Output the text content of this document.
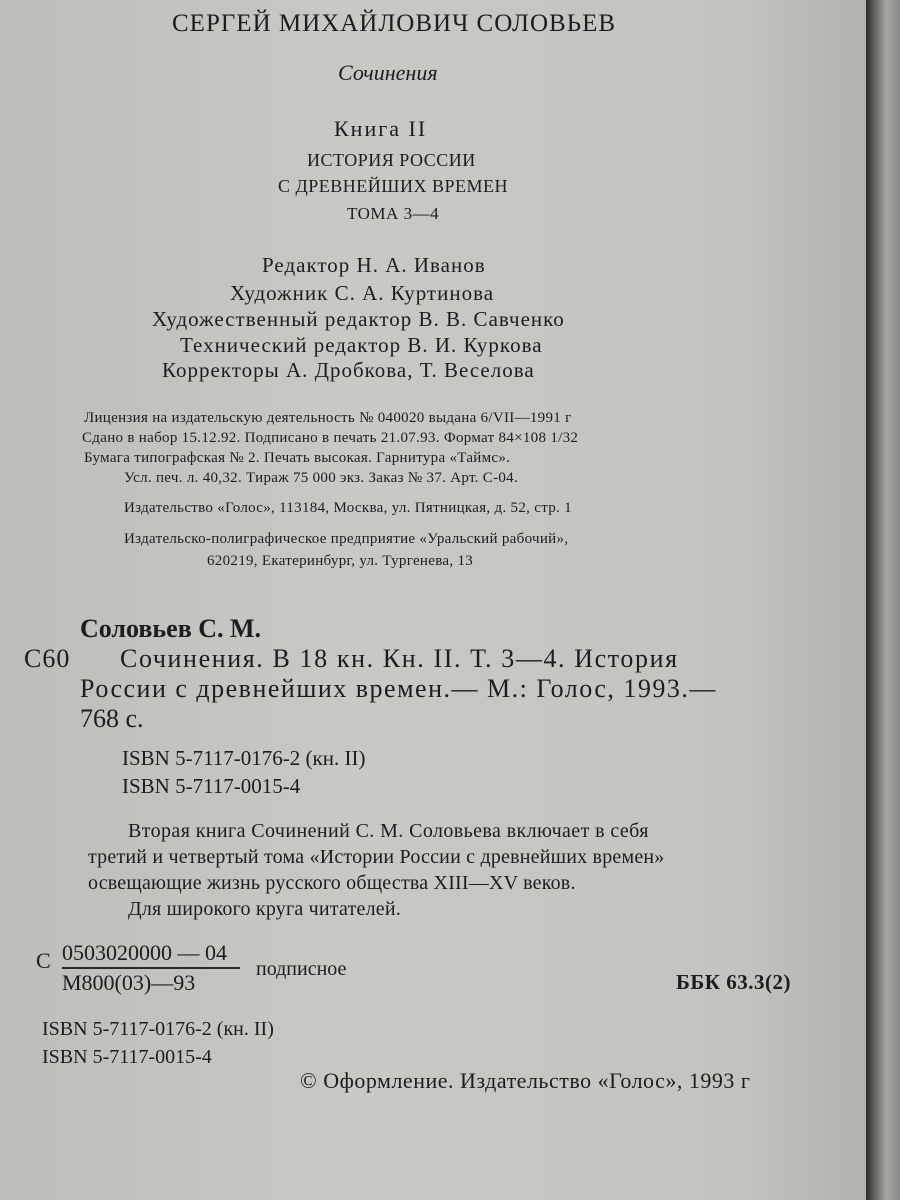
СЕРГЕЙ МИХАЙЛОВИЧ СОЛОВЬЕВ
Сочинения
Книга II
ИСТОРИЯ РОССИИ
С ДРЕВНЕЙШИХ ВРЕМЕН
ТОМА 3—4
Редактор Н. А. Иванов
Художник С. А. Куртинова
Художественный редактор В. В. Савченко
Технический редактор В. И. Куркова
Корректоры А. Дробкова, Т. Веселова
Лицензия на издательскую деятельность № 040020 выдана 6/VII—1991 г
Сдано в набор 15.12.92. Подписано в печать 21.07.93. Формат 84×108 1/32
Бумага типографская № 2. Печать высокая. Гарнитура «Таймс».
Усл. печ. л. 40,32. Тираж 75 000 экз. Заказ № 37. Арт. С-04.
Издательство «Голос», 113184, Москва, ул. Пятницкая, д. 52, стр. 1
Издательско-полиграфическое предприятие «Уральский рабочий»,
620219, Екатеринбург, ул. Тургенева, 13
Соловьев С. М.
С60 Сочинения. В 18 кн. Кн. II. Т. 3—4. История
России с древнейших времен.— М.: Голос, 1993.—
768 с.
ISBN 5-7117-0176-2 (кн. II)
ISBN 5-7117-0015-4
Вторая книга Сочинений С. М. Соловьева включает в себя
третий и четвертый тома «Истории России с древнейших времен»
освещающие жизнь русского общества XIII—XV веков.
Для широкого круга читателей.
С 0503020000 — 04
М800(03)—93
подписное
ББК 63.3(2)
ISBN 5-7117-0176-2 (кн. II)
ISBN 5-7117-0015-4
© Оформление. Издательство «Голос», 1993 г
